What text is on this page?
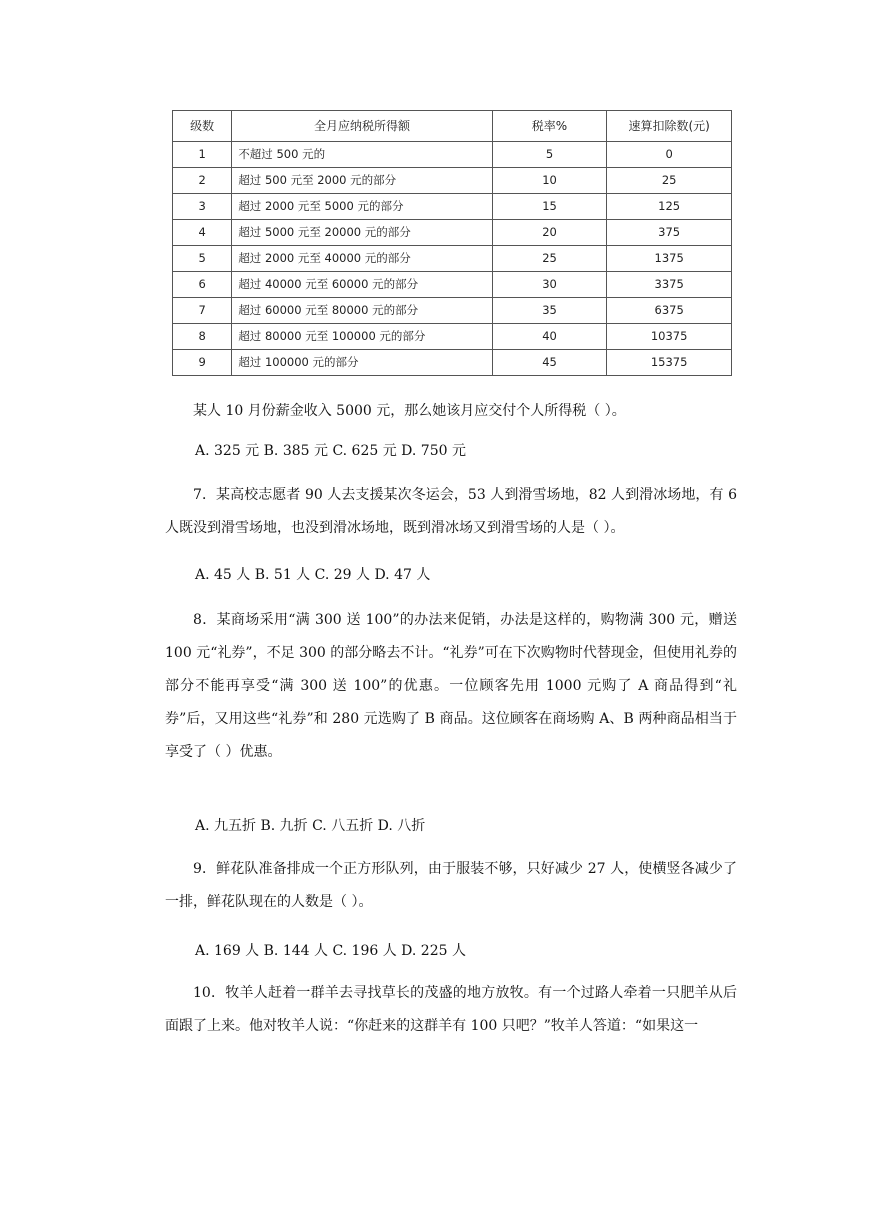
级数	全月应纳税所得额	税率%	速算扣除数(元)
1	不超过 500 元的	5	0
2	超过 500 元至 2000 元的部分	10	25
3	超过 2000 元至 5000 元的部分	15	125
4	超过 5000 元至 20000 元的部分	20	375
5	超过 2000 元至 40000 元的部分	25	1375
6	超过 40000 元至 60000 元的部分	30	3375
7	超过 60000 元至 80000 元的部分	35	6375
8	超过 80000 元至 100000 元的部分	40	10375
9	超过 100000 元的部分	45	15375

某人 10 月份薪金收入 5000 元，那么她该月应交付个人所得税（ ）。

A. 325 元 B. 385 元 C. 625 元 D. 750 元

7．某高校志愿者 90 人去支援某次冬运会，53 人到滑雪场地，82 人到滑冰场地，有 6 人既没到滑雪场地，也没到滑冰场地，既到滑冰场又到滑雪场的人是（ ）。

A. 45 人 B. 51 人 C. 29 人 D. 47 人

8．某商场采用“满 300 送 100”的办法来促销，办法是这样的，购物满 300 元，赠送 100 元“礼券”，不足 300 的部分略去不计。“礼券”可在下次购物时代替现金，但使用礼券的部分不能再享受“满 300 送 100”的优惠。一位顾客先用 1000 元购了 A 商品得到“礼券”后，又用这些“礼券”和 280 元选购了 B 商品。这位顾客在商场购 A、B 两种商品相当于享受了（ ）优惠。

A. 九五折 B. 九折 C. 八五折 D. 八折

9．鲜花队准备排成一个正方形队列，由于服装不够，只好减少 27 人，使横竖各减少了一排，鲜花队现在的人数是（ ）。

A. 169 人 B. 144 人 C. 196 人 D. 225 人

10．牧羊人赶着一群羊去寻找草长的茂盛的地方放牧。有一个过路人牵着一只肥羊从后面跟了上来。他对牧羊人说：“你赶来的这群羊有 100 只吧？”牧羊人答道：“如果这一
